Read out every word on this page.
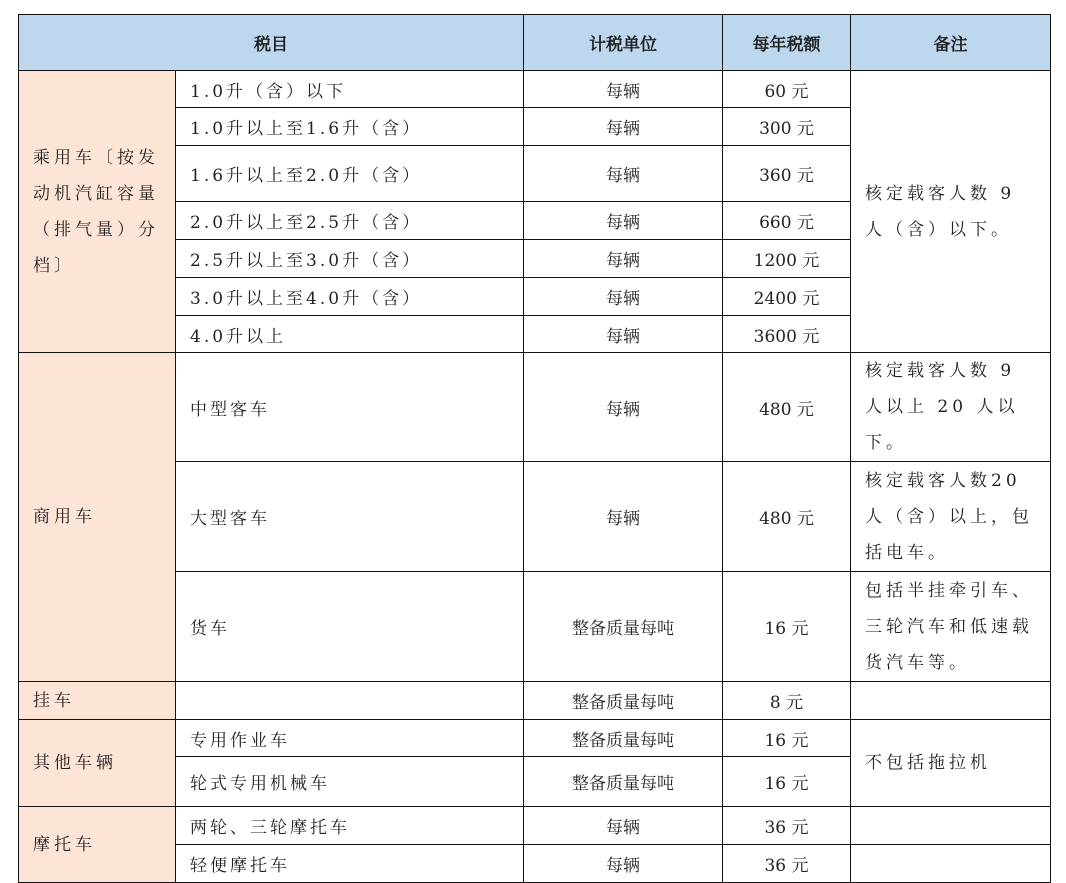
税目		计税单位	每年税额	备注
乘用车〔按发动机汽缸容量（排气量）分档〕	1.0升（含）以下	每辆	60 元	核定载客人数 9 人（含）以下。
	1.0升以上至1.6升（含）	每辆	300 元	
	1.6升以上至2.0升（含）	每辆	360 元	
	2.0升以上至2.5升（含）	每辆	660 元	
	2.5升以上至3.0升（含）	每辆	1200 元	
	3.0升以上至4.0升（含）	每辆	2400 元	
	4.0升以上	每辆	3600 元	
商用车	中型客车	每辆	480 元	核定载客人数 9 人以上 20 人以下。
	大型客车	每辆	480 元	核定载客人数20人（含）以上，包括电车。
	货车	整备质量每吨	16 元	包括半挂牵引车、三轮汽车和低速载货汽车等。
挂车		整备质量每吨	8 元	
其他车辆	专用作业车	整备质量每吨	16 元	不包括拖拉机
	轮式专用机械车	整备质量每吨	16 元	
摩托车	两轮、三轮摩托车	每辆	36 元	
	轻便摩托车	每辆	36 元	
